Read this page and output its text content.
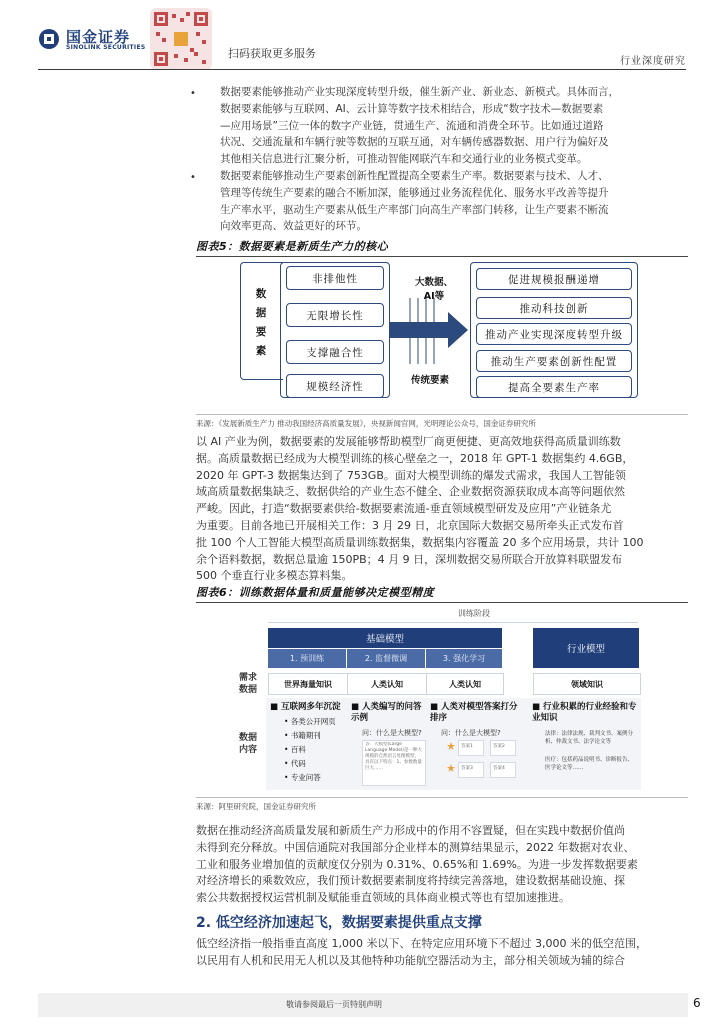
国金证券
SINOLINK SECURITIES	扫码获取更多服务
行业深度研究
• 数据要素能够推动产业实现深度转型升级，催生新产业、新业态、新模式。具体而言，
数据要素能够与互联网、AI、云计算等数字技术相结合，形成“数字技术—数据要素
—应用场景”三位一体的数字产业链，贯通生产、流通和消费全环节。比如通过道路
状况、交通流量和车辆行驶等数据的互联互通，对车辆传感器数据、用户行为偏好及
其他相关信息进行汇聚分析，可推动智能网联汽车和交通行业的业务模式变革。
• 数据要素能够推动生产要素创新性配置提高全要素生产率。数据要素与技术、人才、
管理等传统生产要素的融合不断加深，能够通过业务流程优化、服务水平改善等提升
生产率水平，驱动生产要素从低生产率部门向高生产率部门转移，让生产要素不断流
向效率更高、效益更好的环节。
图表5：数据要素是新质生产力的核心
数据要素
非排他性
无限增长性
支撑融合性
规模经济性
大数据、
AI等
传统要素
促进规模报酬递增
推动科技创新
推动产业实现深度转型升级
推动生产要素创新性配置
提高全要素生产率
来源：《发展新质生产力 推动我国经济高质量发展》，央视新闻官网，光明理论公众号，国金证券研究所
以 AI 产业为例，数据要素的发展能够帮助模型厂商更便捷、更高效地获得高质量训练数
据。高质量数据已经成为大模型训练的核心壁垒之一，2018 年 GPT-1 数据集约 4.6GB，
2020 年 GPT-3 数据集达到了 753GB。面对大模型训练的爆发式需求，我国人工智能领
域高质量数据集缺乏、数据供给的产业生态不健全、企业数据资源获取成本高等问题依然
严峻。因此，打造“数据要素供给-数据要素流通-垂直领域模型研发及应用”产业链条尤
为重要。目前各地已开展相关工作：3 月 29 日，北京国际大数据交易所牵头正式发布首
批 100 个人工智能大模型高质量训练数据集，数据集内容覆盖 20 多个应用场景，共计 100
余个语料数据，数据总量逾 150PB；4 月 9 日，深圳数据交易所联合开放算料联盟发布
500 个垂直行业多模态算料集。
图表6：训练数据体量和质量能够决定模型精度
训练阶段
基础模型
行业模型
1. 预训练	2. 监督微调	3. 强化学习
需求
数据
数据
内容
世界海量知识	人类认知	人类认知	领域知识
■ 互联网多年沉淀
• 各类公开网页
• 书籍期刊
• 百科
• 代码
• 专业问答
■ 人类编写的问答示例
问：什么是大模型?
答：大模型(Large Language Model)是一种大规模的自然语言处理模型，具有以下特点：1、参数数量巨大……
■ 人类对模型答案打分排序
问：什么是大模型?
答案1	答案2
答案3	答案4
■ 行业积累的行业经验和专业知识
法律：法律法规、裁判文书、案例分析、仲裁文书、法学论文等
医疗：包括药品说明书、诊断报告、医学论文等……
来源：阿里研究院，国金证券研究所
数据在推动经济高质量发展和新质生产力形成中的作用不容置疑，但在实践中数据价值尚
未得到充分释放。中国信通院对我国部分企业样本的测算结果显示，2022 年数据对农业、
工业和服务业增加值的贡献度仅分别为 0.31%、0.65%和 1.69%。为进一步发挥数据要素
对经济增长的乘数效应，我们预计数据要素制度将持续完善落地，建设数据基础设施、探
索公共数据授权运营机制及赋能垂直领域的具体商业模式等也有望加速推进。
2. 低空经济加速起飞，数据要素提供重点支撑
低空经济指一般指垂直高度 1,000 米以下、在特定应用环境下不超过 3,000 米的低空范围，
以民用有人机和民用无人机以及其他特种功能航空器活动为主，部分相关领域为辅的综合
敬请参阅最后一页特别声明	6
